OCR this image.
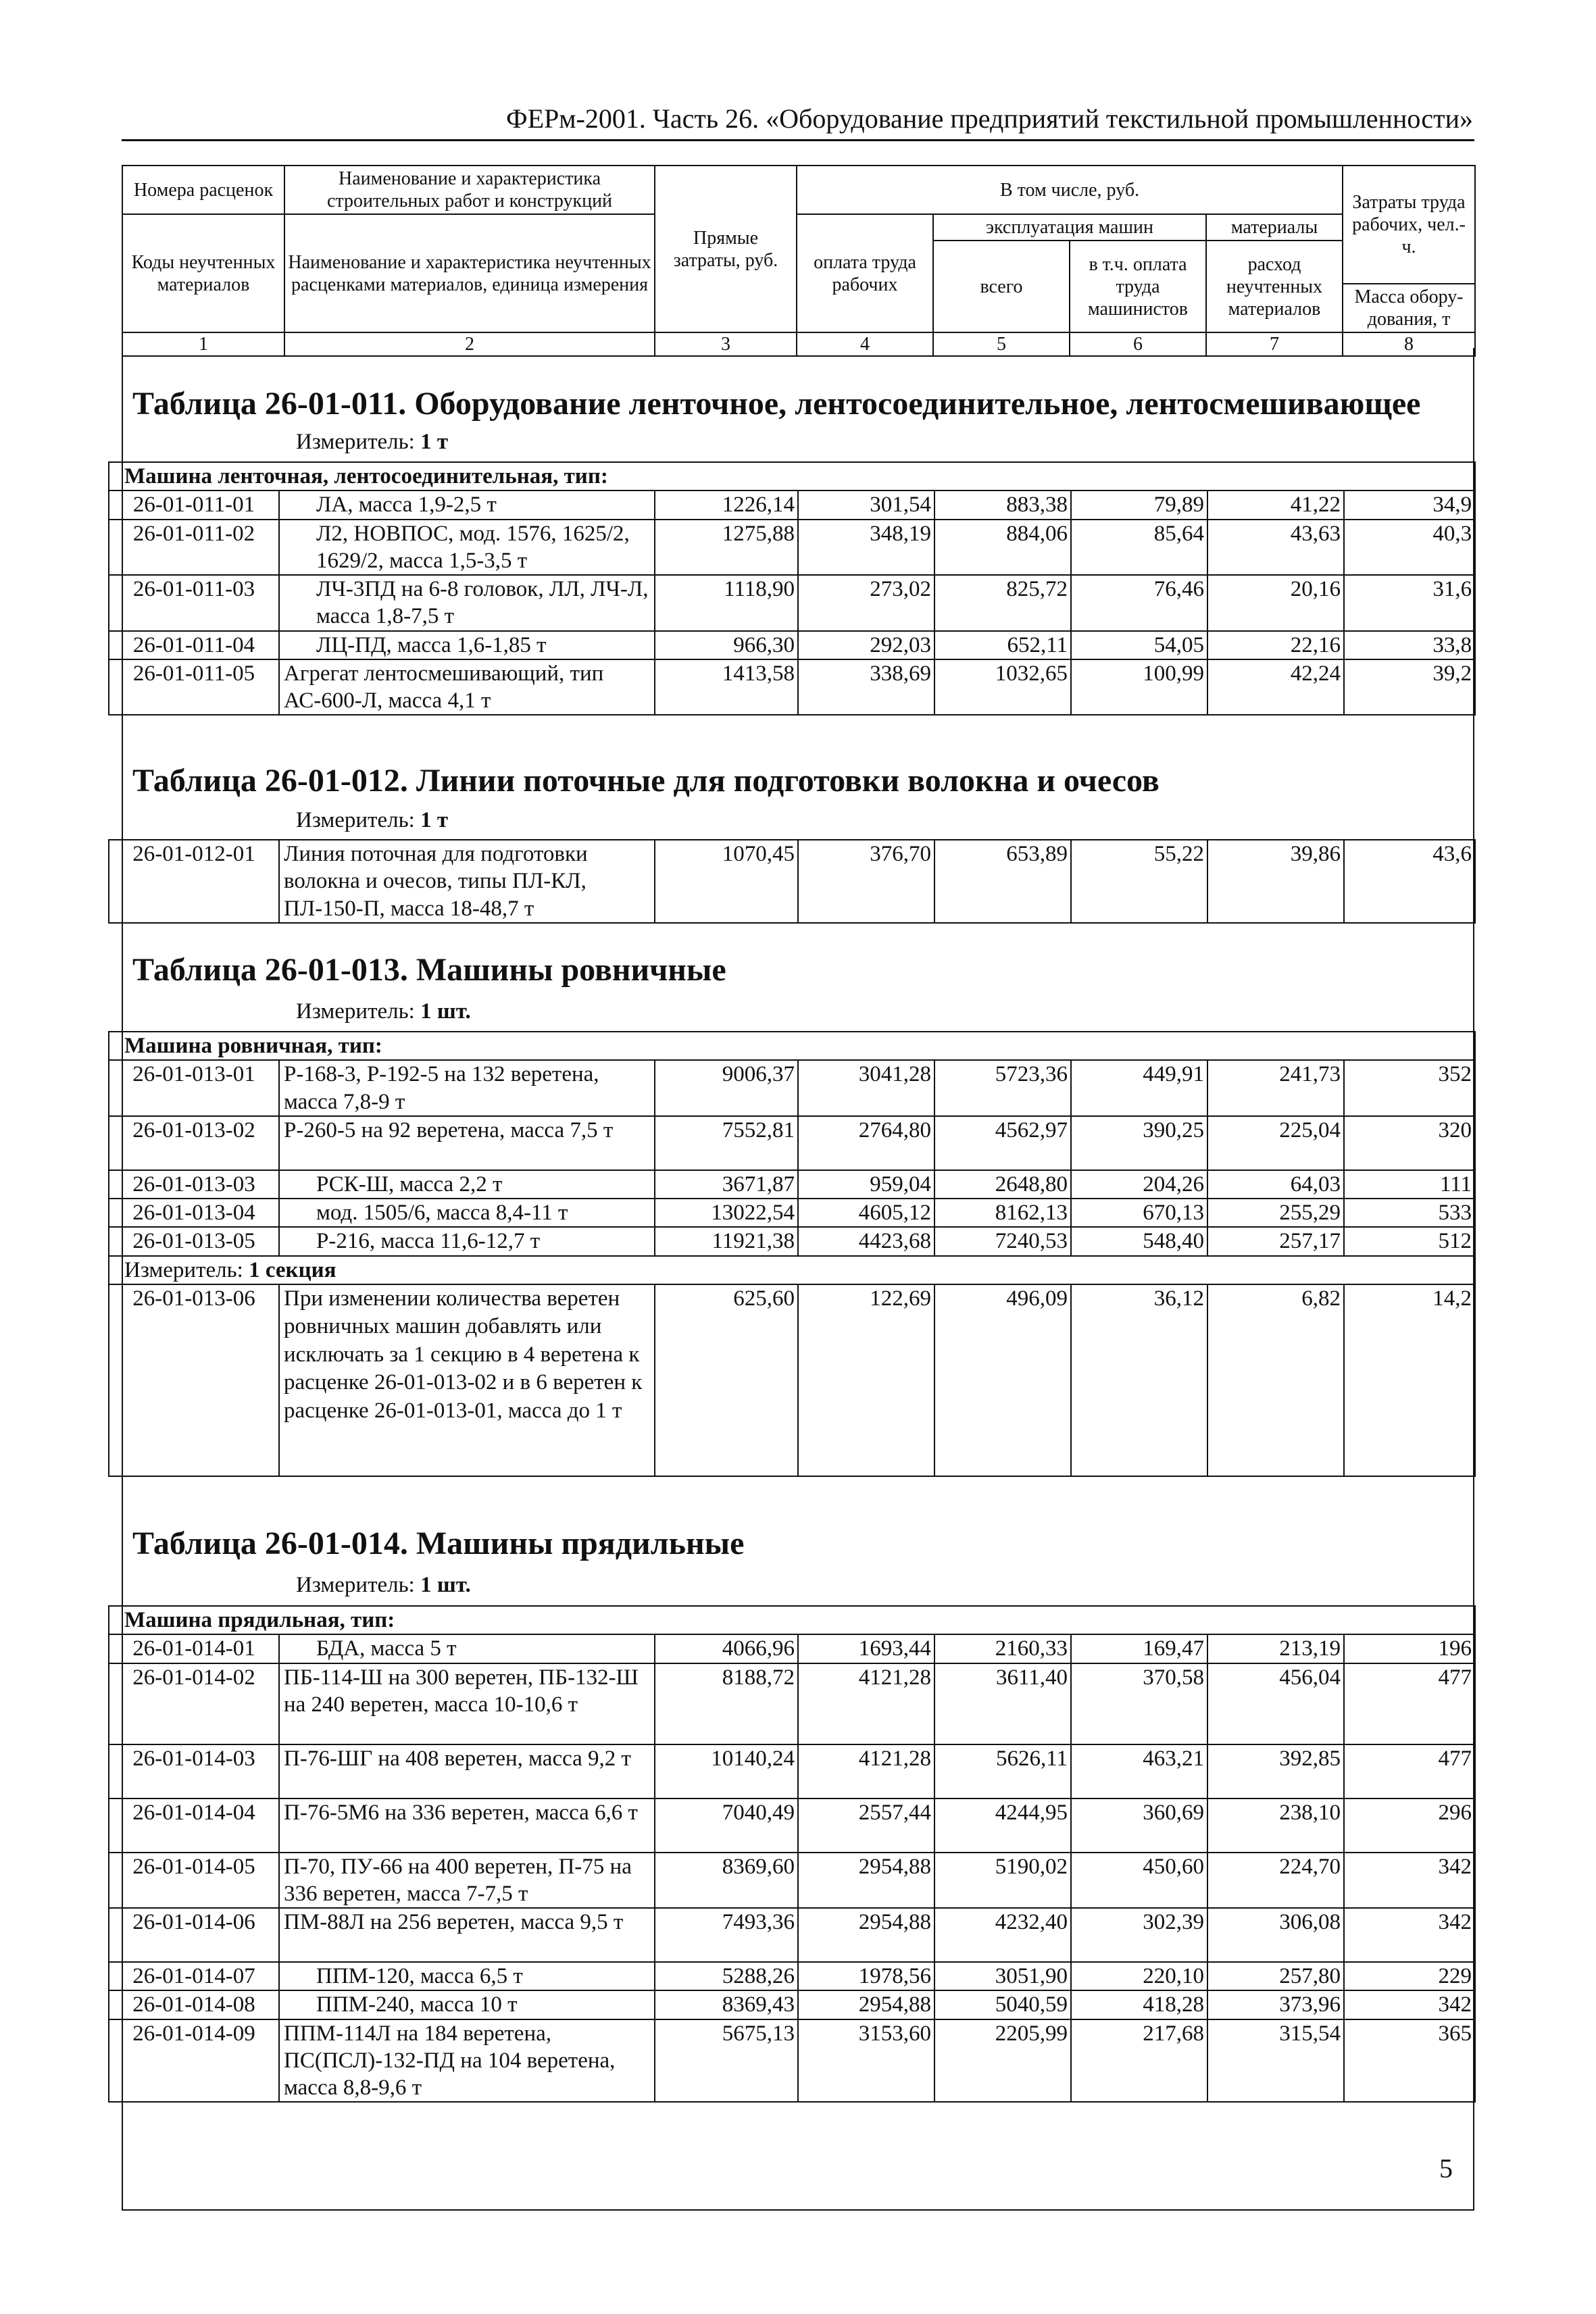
ФЕРм-2001. Часть 26. «Оборудование предприятий текстильной промышленности»
Номера расценок	Наименование и характеристика строительных работ и конструкций	Прямые затраты, руб.	В том числе, руб.				Затраты труда рабочих, чел.-ч.
Коды неучтенных материалов	Наименование и характеристика неучтенных расценками материалов, единица измерения		оплата труда рабочих	эксплуатация машин		материалы	
				всего	в т.ч. оплата труда машинистов	расход неучтенных материалов	
							Масса обору- дования, т
1	2	3	4	5	6	7	8
Таблица 26-01-011. Оборудование ленточное, лентосоединительное, лентосмешивающее
Измеритель: 1 т
Машина ленточная, лентосоединительная, тип:							
26-01-011-01	ЛА, масса 1,9-2,5 т	1226,14	301,54	883,38	79,89	41,22	34,9
26-01-011-02	Л2, НОВПОС, мод. 1576, 1625/2, 1629/2, масса 1,5-3,5 т	1275,88	348,19	884,06	85,64	43,63	40,3
26-01-011-03	ЛЧ-3ПД на 6-8 головок, ЛЛ, ЛЧ-Л, масса 1,8-7,5 т	1118,90	273,02	825,72	76,46	20,16	31,6
26-01-011-04	ЛЦ-ПД, масса 1,6-1,85 т	966,30	292,03	652,11	54,05	22,16	33,8
26-01-011-05	Агрегат лентосмешивающий, тип АС-600-Л, масса 4,1 т	1413,58	338,69	1032,65	100,99	42,24	39,2
Таблица 26-01-012. Линии поточные для подготовки волокна и очесов
Измеритель: 1 т
26-01-012-01	Линия поточная для подготовки волокна и очесов, типы ПЛ-КЛ, ПЛ-150-П, масса 18-48,7 т	1070,45	376,70	653,89	55,22	39,86	43,6
Таблица 26-01-013. Машины ровничные
Измеритель: 1 шт.
Машина ровничная, тип:							
26-01-013-01	Р-168-3, Р-192-5 на 132 веретена, масса 7,8-9 т	9006,37	3041,28	5723,36	449,91	241,73	352
26-01-013-02	Р-260-5 на 92 веретена, масса 7,5 т	7552,81	2764,80	4562,97	390,25	225,04	320
26-01-013-03	РСК-Ш, масса 2,2 т	3671,87	959,04	2648,80	204,26	64,03	111
26-01-013-04	мод. 1505/6, масса 8,4-11 т	13022,54	4605,12	8162,13	670,13	255,29	533
26-01-013-05	Р-216, масса 11,6-12,7 т	11921,38	4423,68	7240,53	548,40	257,17	512
Измеритель: 1 секция							
26-01-013-06	При изменении количества веретен ровничных машин добавлять или исключать за 1 секцию в 4 веретена к расценке 26-01-013-02 и в 6 веретен к расценке 26-01-013-01, масса до 1 т	625,60	122,69	496,09	36,12	6,82	14,2
Таблица 26-01-014. Машины прядильные
Измеритель: 1 шт.
Машина прядильная, тип:							
26-01-014-01	БДА, масса 5 т	4066,96	1693,44	2160,33	169,47	213,19	196
26-01-014-02	ПБ-114-Ш на 300 веретен, ПБ-132-Ш на 240 веретен, масса 10-10,6 т	8188,72	4121,28	3611,40	370,58	456,04	477
26-01-014-03	П-76-ШГ на 408 веретен, масса 9,2 т	10140,24	4121,28	5626,11	463,21	392,85	477
26-01-014-04	П-76-5М6 на 336 веретен, масса 6,6 т	7040,49	2557,44	4244,95	360,69	238,10	296
26-01-014-05	П-70, ПУ-66 на 400 веретен, П-75 на 336 веретен, масса 7-7,5 т	8369,60	2954,88	5190,02	450,60	224,70	342
26-01-014-06	ПМ-88Л на 256 веретен, масса 9,5 т	7493,36	2954,88	4232,40	302,39	306,08	342
26-01-014-07	ППМ-120, масса 6,5 т	5288,26	1978,56	3051,90	220,10	257,80	229
26-01-014-08	ППМ-240, масса 10 т	8369,43	2954,88	5040,59	418,28	373,96	342
26-01-014-09	ППМ-114Л на 184 веретена, ПС(ПСЛ)-132-ПД на 104 веретена, масса 8,8-9,6 т	5675,13	3153,60	2205,99	217,68	315,54	365
5
